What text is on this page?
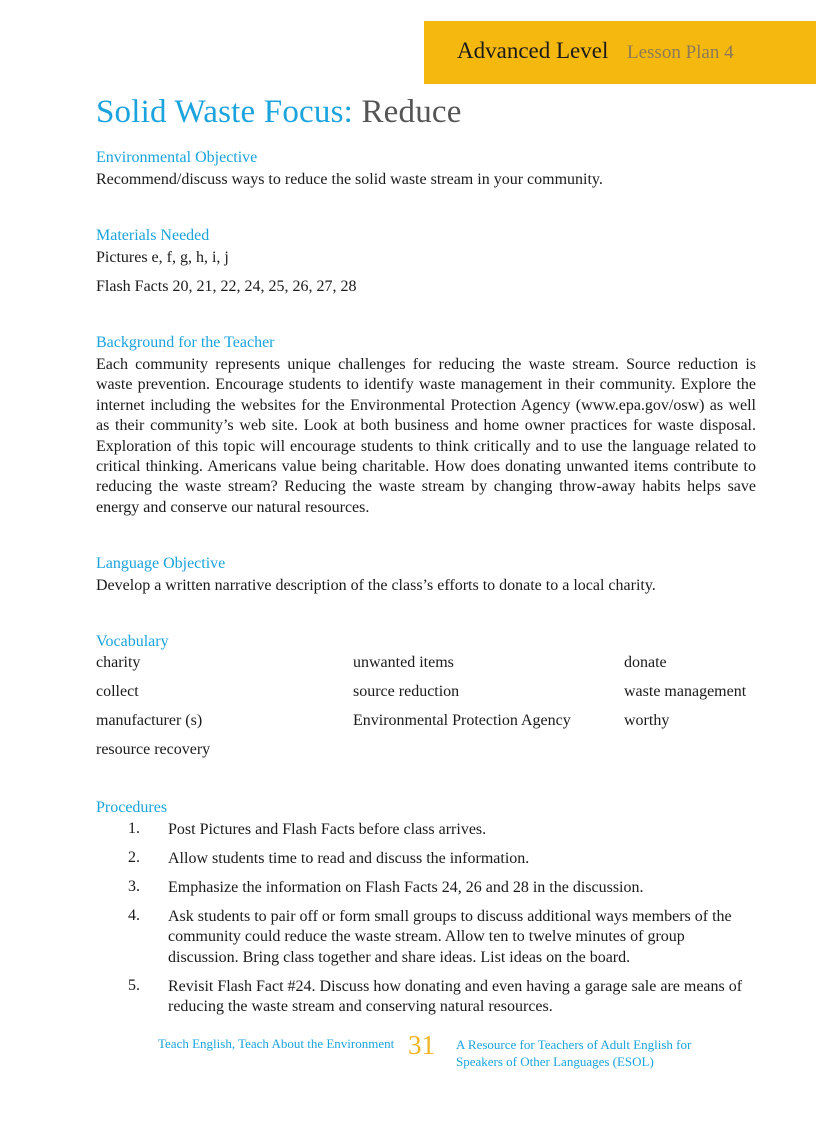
Advanced Level Lesson Plan 4
Solid Waste Focus: Reduce
Environmental Objective
Recommend/discuss ways to reduce the solid waste stream in your community.
Materials Needed
Pictures e, f, g, h, i, j
Flash Facts 20, 21, 22, 24, 25, 26, 27, 28
Background for the Teacher
Each community represents unique challenges for reducing the waste stream. Source reduction is waste prevention. Encourage students to identify waste management in their community. Explore the internet including the websites for the Environmental Protection Agency (www.epa.gov/osw) as well as their community’s web site. Look at both business and home owner practices for waste disposal. Exploration of this topic will encourage students to think critically and to use the language related to critical thinking. Americans value being charitable. How does donating unwanted items contribute to reducing the waste stream? Reducing the waste stream by changing throw-away habits helps save energy and conserve our natural resources.
Language Objective
Develop a written narrative description of the class’s efforts to donate to a local charity.
Vocabulary
charity	unwanted items	donate
collect	source reduction	waste management
manufacturer (s)	Environmental Protection Agency	worthy
resource recovery
Procedures
1. Post Pictures and Flash Facts before class arrives.
2. Allow students time to read and discuss the information.
3. Emphasize the information on Flash Facts 24, 26 and 28 in the discussion.
4. Ask students to pair off or form small groups to discuss additional ways members of the community could reduce the waste stream. Allow ten to twelve minutes of group discussion. Bring class together and share ideas. List ideas on the board.
5. Revisit Flash Fact #24. Discuss how donating and even having a garage sale are means of reducing the waste stream and conserving natural resources.
Teach English, Teach About the Environment 31 A Resource for Teachers of Adult English for Speakers of Other Languages (ESOL)
